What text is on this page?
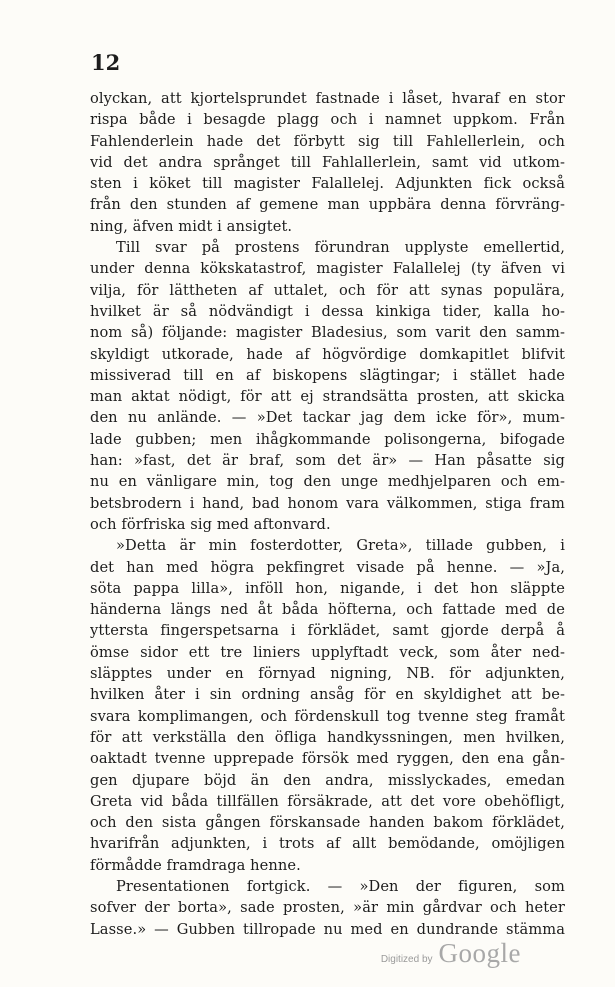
12
olyckan, att kjortelsprundet fastnade i låset, hvaraf en stor
rispa både i besagde plagg och i namnet uppkom. Från
Fahlenderlein hade det förbytt sig till Fahlellerlein, och
vid det andra språnget till Fahlallerlein, samt vid utkom-
sten i köket till magister Falallelej. Adjunkten fick också
från den stunden af gemene man uppbära denna förvräng-
ning, äfven midt i ansigtet.
Till svar på prostens förundran upplyste emellertid,
under denna kökskatastrof, magister Falallelej (ty äfven vi
vilja, för lättheten af uttalet, och för att synas populära,
hvilket är så nödvändigt i dessa kinkiga tider, kalla ho-
nom så) följande: magister Bladesius, som varit den samm-
skyldigt utkorade, hade af högvördige domkapitlet blifvit
missiverad till en af biskopens slägtingar; i stället hade
man aktat nödigt, för att ej strandsätta prosten, att skicka
den nu anlände. — »Det tackar jag dem icke för», mum-
lade gubben; men ihågkommande polisongerna, bifogade
han: »fast, det är braf, som det är» — Han påsatte sig
nu en vänligare min, tog den unge medhjelparen och em-
betsbrodern i hand, bad honom vara välkommen, stiga fram
och förfriska sig med aftonvard.
»Detta är min fosterdotter, Greta», tillade gubben, i
det han med högra pekfingret visade på henne. — »Ja,
söta pappa lilla», inföll hon, nigande, i det hon släppte
händerna längs ned åt båda höfterna, och fattade med de
yttersta fingerspetsarna i förklädet, samt gjorde derpå å
ömse sidor ett tre liniers upplyftadt veck, som åter ned-
släpptes under en förnyad nigning, NB. för adjunkten,
hvilken åter i sin ordning ansåg för en skyldighet att be-
svara komplimangen, och fördenskull tog tvenne steg framåt
för att verkställa den öfliga handkyssningen, men hvilken,
oaktadt tvenne upprepade försök med ryggen, den ena gån-
gen djupare böjd än den andra, misslyckades, emedan
Greta vid båda tillfällen försäkrade, att det vore obehöfligt,
och den sista gången förskansade handen bakom förklädet,
hvarifrån adjunkten, i trots af allt bemödande, omöjligen
förmådde framdraga henne.
Presentationen fortgick. — »Den der figuren, som
sofver der borta», sade prosten, »är min gårdvar och heter
Lasse.» — Gubben tillropade nu med en dundrande stämma
Digitized by Google
